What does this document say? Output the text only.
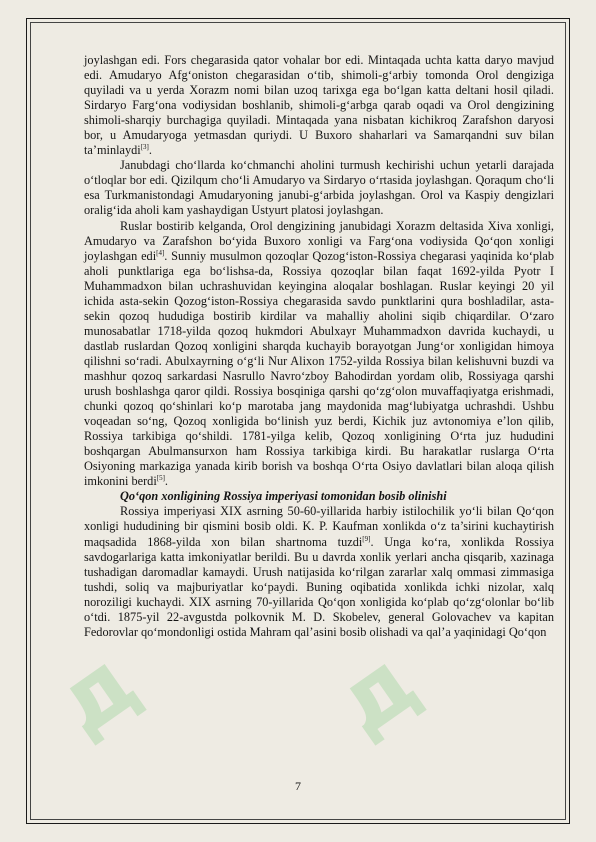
д д

joylashgan edi. Fors chegarasida qator vohalar bor edi. Mintaqada uchta katta daryo mavjud edi. Amudaryo Afg‘oniston chegarasidan o‘tib, shimoli-g‘arbiy tomonda Orol dengiziga quyiladi va u yerda Xorazm nomi bilan uzoq tarixga ega bo‘lgan katta deltani hosil qiladi. Sirdaryo Farg‘ona vodiysidan boshlanib, shimoli-g‘arbga qarab oqadi va Orol dengizining shimoli-sharqiy burchagiga quyiladi. Mintaqada yana nisbatan kichikroq Zarafshon daryosi bor, u Amudaryoga yetmasdan quriydi. U Buxoro shaharlari va Samarqandni suv bilan ta’minlaydi[3].

Janubdagi cho‘llarda ko‘chmanchi aholini turmush kechirishi uchun yetarli darajada o‘tloqlar bor edi. Qizilqum cho‘li Amudaryo va Sirdaryo o‘rtasida joylashgan. Qoraqum cho‘li esa Turkmanistondagi Amudaryoning janubi-g‘arbida joylashgan. Orol va Kaspiy dengizlari oralig‘ida aholi kam yashaydigan Ustyurt platosi joylashgan.

Ruslar bostirib kelganda, Orol dengizining janubidagi Xorazm deltasida Xiva xonligi, Amudaryo va Zarafshon bo‘yida Buxoro xonligi va Farg‘ona vodiysida Qo‘qon xonligi joylashgan edi[4]. Sunniy musulmon qozoqlar Qozog‘iston-Rossiya chegarasi yaqinida ko‘plab aholi punktlariga ega bo‘lishsa-da, Rossiya qozoqlar bilan faqat 1692-yilda Pyotr I Muhammadxon bilan uchrashuvidan keyingina aloqalar boshlagan. Ruslar keyingi 20 yil ichida asta-sekin Qozog‘iston-Rossiya chegarasida savdo punktlarini qura boshladilar, asta-sekin qozoq hududiga bostirib kirdilar va mahalliy aholini siqib chiqardilar. O‘zaro munosabatlar 1718-yilda qozoq hukmdori Abulxayr Muhammadxon davrida kuchaydi, u dastlab ruslardan Qozoq xonligini sharqda kuchayib borayotgan Jung‘or xonligidan himoya qilishni so‘radi. Abulxayrning o‘g‘li Nur Alixon 1752-yilda Rossiya bilan kelishuvni buzdi va mashhur qozoq sarkardasi Nasrullo Navro‘zboy Bahodirdan yordam olib, Rossiyaga qarshi urush boshlashga qaror qildi. Rossiya bosqiniga qarshi qo‘zg‘olon muvaffaqiyatga erishmadi, chunki qozoq qo‘shinlari ko‘p marotaba jang maydonida mag‘lubiyatga uchrashdi. Ushbu voqeadan so‘ng, Qozoq xonligida bo‘linish yuz berdi, Kichik juz avtonomiya e’lon qilib, Rossiya tarkibiga qo‘shildi. 1781-yilga kelib, Qozoq xonligining O‘rta juz hududini boshqargan Abulmansurxon ham Rossiya tarkibiga kirdi. Bu harakatlar ruslarga O‘rta Osiyoning markaziga yanada kirib borish va boshqa O‘rta Osiyo davlatlari bilan aloqa qilish imkonini berdi[5].

Qo‘qon xonligining Rossiya imperiyasi tomonidan bosib olinishi

Rossiya imperiyasi XIX asrning 50-60-yillarida harbiy istilochilik yo‘li bilan Qo‘qon xonligi hududining bir qismini bosib oldi. K. P. Kaufman xonlikda o‘z ta’sirini kuchaytirish maqsadida 1868-yilda xon bilan shartnoma tuzdi[9]. Unga ko‘ra, xonlikda Rossiya savdogarlariga katta imkoniyatlar berildi. Bu u davrda xonlik yerlari ancha qisqarib, xazinaga tushadigan daromadlar kamaydi. Urush natijasida ko‘rilgan zararlar xalq ommasi zimmasiga tushdi, soliq va majburiyatlar ko‘paydi. Buning oqibatida xonlikda ichki nizolar, xalq noroziligi kuchaydi. XIX asrning 70-yillarida Qo‘qon xonligida ko‘plab qo‘zg‘olonlar bo‘lib o‘tdi. 1875-yil 22-avgustda polkovnik M. D. Skobelev, general Golovachev va kapitan Fedorovlar qo‘mondonligi ostida Mahram qal’asini bosib olishadi va qal’a yaqinidagi Qo‘qon

7
